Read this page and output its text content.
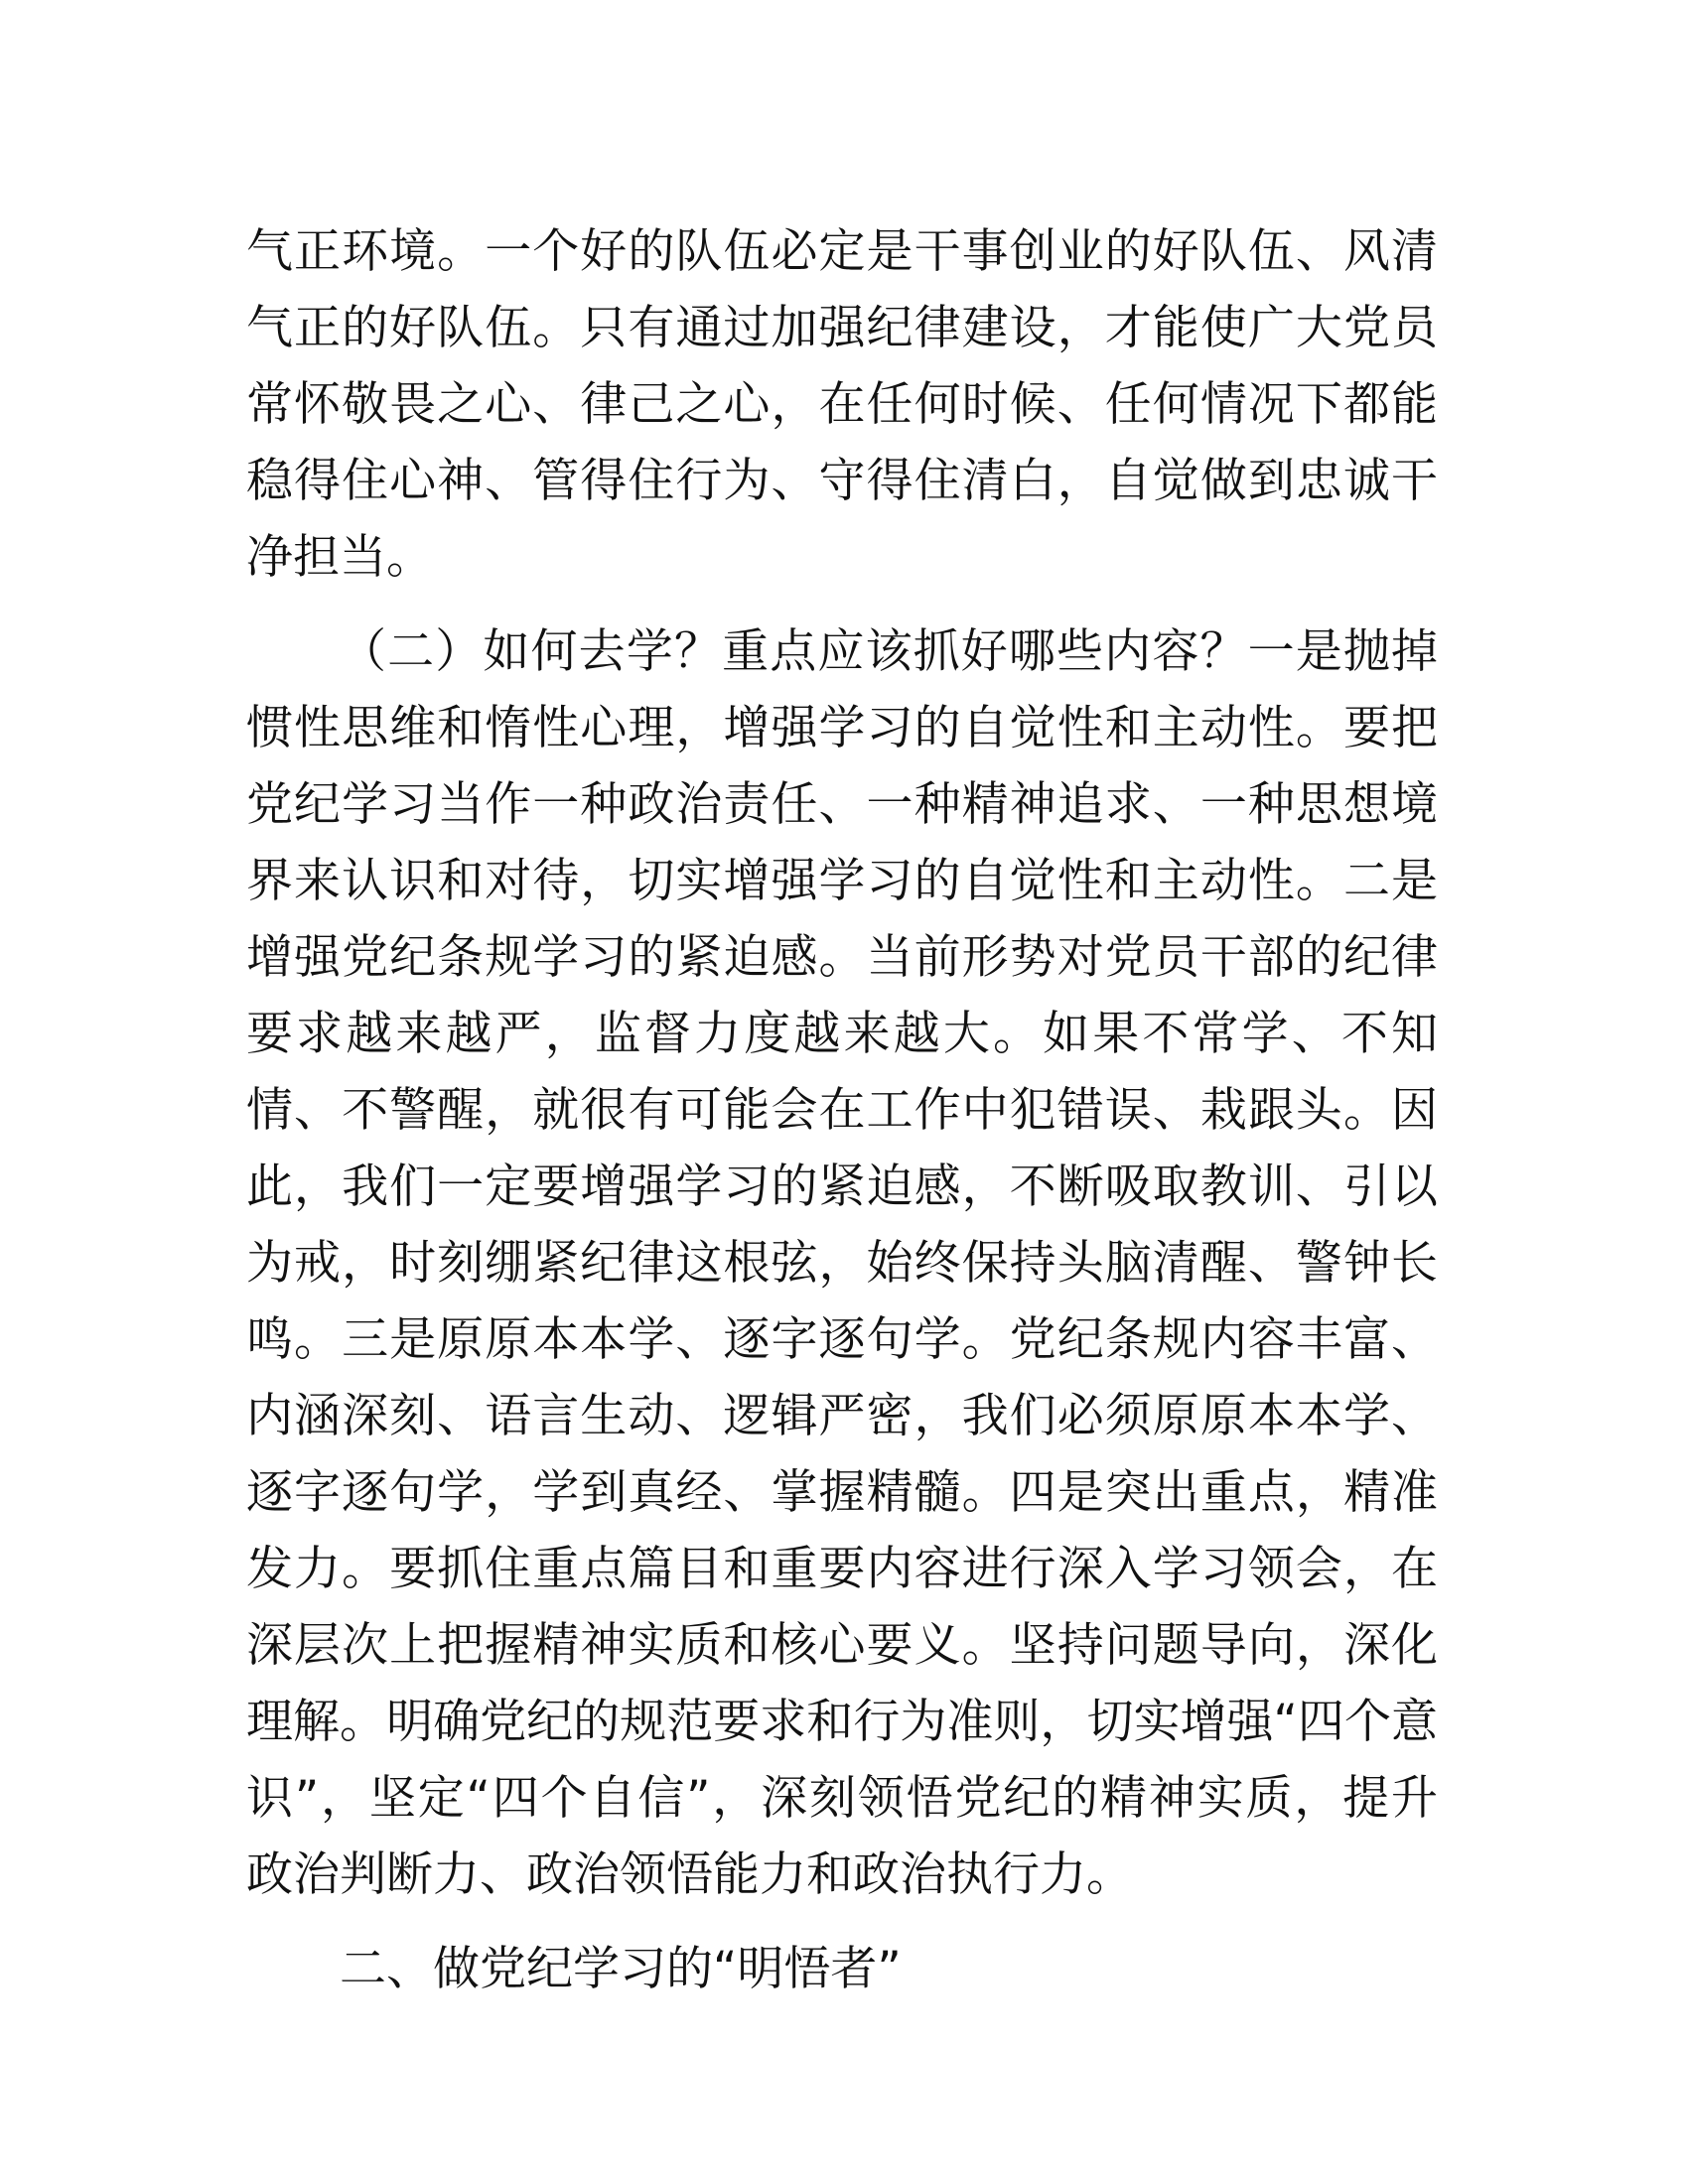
气正环境。一个好的队伍必定是干事创业的好队伍、风清气正的好队伍。只有通过加强纪律建设，才能使广大党员常怀敬畏之心、律己之心，在任何时候、任何情况下都能稳得住心神、管得住行为、守得住清白，自觉做到忠诚干净担当。

（二）如何去学？重点应该抓好哪些内容？一是抛掉惯性思维和惰性心理，增强学习的自觉性和主动性。要把党纪学习当作一种政治责任、一种精神追求、一种思想境界来认识和对待，切实增强学习的自觉性和主动性。二是增强党纪条规学习的紧迫感。当前形势对党员干部的纪律要求越来越严，监督力度越来越大。如果不常学、不知情、不警醒，就很有可能会在工作中犯错误、栽跟头。因此，我们一定要增强学习的紧迫感，不断吸取教训、引以为戒，时刻绷紧纪律这根弦，始终保持头脑清醒、警钟长鸣。三是原原本本学、逐字逐句学。党纪条规内容丰富、内涵深刻、语言生动、逻辑严密，我们必须原原本本学、逐字逐句学，学到真经、掌握精髓。四是突出重点，精准发力。要抓住重点篇目和重要内容进行深入学习领会，在深层次上把握精神实质和核心要义。坚持问题导向，深化理解。明确党纪的规范要求和行为准则，切实增强“四个意识”，坚定“四个自信”，深刻领悟党纪的精神实质，提升政治判断力、政治领悟能力和政治执行力。

二、做党纪学习的“明悟者”
